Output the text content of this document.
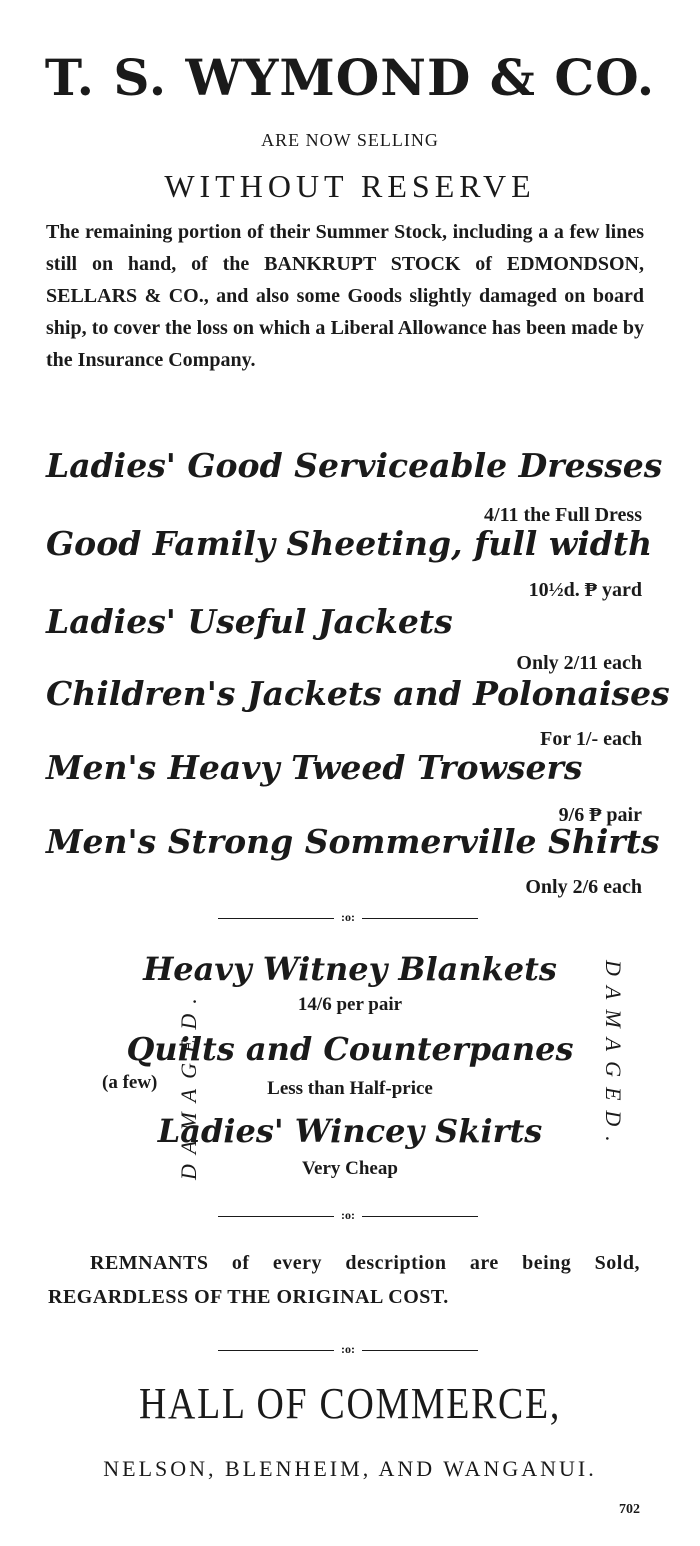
T. S. WYMOND & CO.
ARE NOW SELLING
WITHOUT RESERVE
The remaining portion of their Summer Stock, including a a few lines still on hand, of the BANKRUPT STOCK of EDMONDSON, SELLARS & CO., and also some Goods slightly damaged on board ship, to cover the loss on which a Liberal Allowance has been made by the Insurance Company.
Ladies' Good Serviceable Dresses
4/11 the Full Dress
Good Family Sheeting, full width
10½d. ₱ yard
Ladies' Useful Jackets
Only 2/11 each
Children's Jackets and Polonaises
For 1/- each
Men's Heavy Tweed Trowsers
9/6 ₱ pair
Men's Strong Sommerville Shirts
Only 2/6 each
:o:
DAMAGED.	DAMAGED.
Heavy Witney Blankets
14/6 per pair
Quilts and Counterpanes
(a few)	Less than Half-price
Ladies' Wincey Skirts
Very Cheap
:o:
REMNANTS of every description are being Sold,
REGARDLESS OF THE ORIGINAL COST.
:o:
HALL OF COMMERCE,
NELSON, BLENHEIM, AND WANGANUI.
702
